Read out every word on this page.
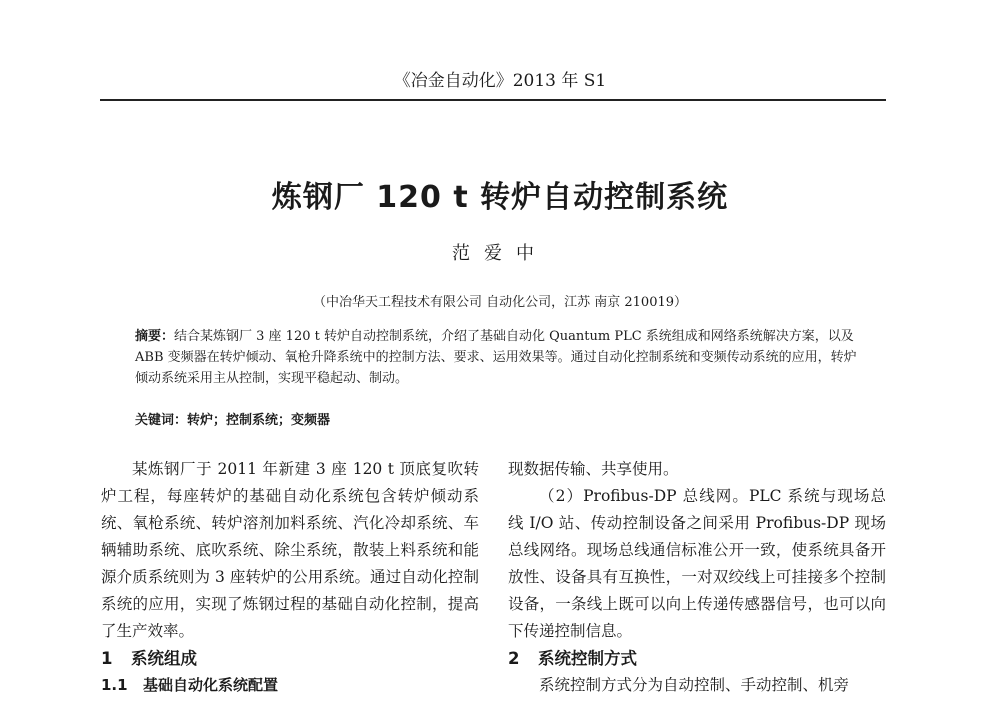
《冶金自动化》2013 年 S1
炼钢厂 120 t 转炉自动控制系统
范爱中
（中冶华天工程技术有限公司 自动化公司，江苏 南京 210019）
摘要：结合某炼钢厂 3 座 120 t 转炉自动控制系统，介绍了基础自动化 Quantum PLC 系统组成和网络系统解决方案，以及 ABB 变频器在转炉倾动、氧枪升降系统中的控制方法、要求、运用效果等。通过自动化控制系统和变频传动系统的应用，转炉倾动系统采用主从控制，实现平稳起动、制动。
关键词：转炉；控制系统；变频器

某炼钢厂于 2011 年新建 3 座 120 t 顶底复吹转炉工程，每座转炉的基础自动化系统包含转炉倾动系统、氧枪系统、转炉溶剂加料系统、汽化冷却系统、车辆辅助系统、底吹系统、除尘系统，散装上料系统和能源介质系统则为 3 座转炉的公用系统。通过自动化控制系统的应用，实现了炼钢过程的基础自动化控制，提高了生产效率。

1 系统组成
1.1 基础自动化系统配置

现数据传输、共享使用。

（2）Profibus-DP 总线网。PLC 系统与现场总线 I/O 站、传动控制设备之间采用 Profibus-DP 现场总线网络。现场总线通信标准公开一致，使系统具备开放性、设备具有互换性，一对双绞线上可挂接多个控制设备，一条线上既可以向上传递传感器信号，也可以向下传递控制信息。

2 系统控制方式

系统控制方式分为自动控制、手动控制、机旁
